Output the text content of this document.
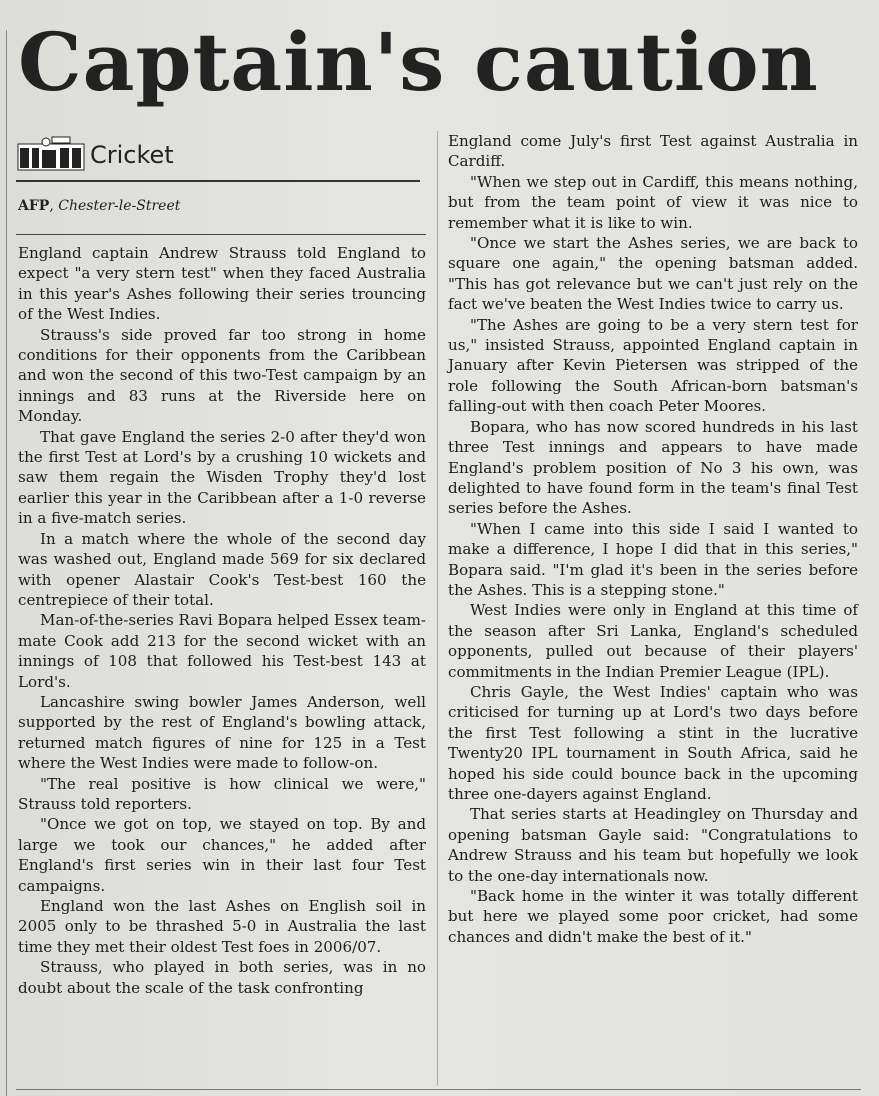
Captain's caution
Cricket
AFP, Chester-le-Street

England captain Andrew Strauss told England to expect "a very stern test" when they faced Australia in this year's Ashes following their series trouncing of the West Indies.

Strauss's side proved far too strong in home conditions for their opponents from the Caribbean and won the second of this two-Test campaign by an innings and 83 runs at the Riverside here on Monday.

That gave England the series 2-0 after they'd won the first Test at Lord's by a crushing 10 wickets and saw them regain the Wisden Trophy they'd lost earlier this year in the Caribbean after a 1-0 reverse in a five-match series.

In a match where the whole of the second day was washed out, England made 569 for six declared with opener Alastair Cook's Test-best 160 the centrepiece of their total.

Man-of-the-series Ravi Bopara helped Essex team-mate Cook add 213 for the second wicket with an innings of 108 that followed his Test-best 143 at Lord's.

Lancashire swing bowler James Anderson, well supported by the rest of England's bowling attack, returned match figures of nine for 125 in a Test where the West Indies were made to follow-on.

"The real positive is how clinical we were," Strauss told reporters.

"Once we got on top, we stayed on top. By and large we took our chances," he added after England's first series win in their last four Test campaigns.

England won the last Ashes on English soil in 2005 only to be thrashed 5-0 in Australia the last time they met their oldest Test foes in 2006/07.

Strauss, who played in both series, was in no doubt about the scale of the task confronting

England come July's first Test against Australia in Cardiff.

"When we step out in Cardiff, this means nothing, but from the team point of view it was nice to remember what it is like to win.

"Once we start the Ashes series, we are back to square one again," the opening batsman added. "This has got relevance but we can't just rely on the fact we've beaten the West Indies twice to carry us.

"The Ashes are going to be a very stern test for us," insisted Strauss, appointed England captain in January after Kevin Pietersen was stripped of the role following the South African-born batsman's falling-out with then coach Peter Moores.

Bopara, who has now scored hundreds in his last three Test innings and appears to have made England's problem position of No 3 his own, was delighted to have found form in the team's final Test series before the Ashes.

"When I came into this side I said I wanted to make a difference, I hope I did that in this series," Bopara said. "I'm glad it's been in the series before the Ashes. This is a stepping stone."

West Indies were only in England at this time of the season after Sri Lanka, England's scheduled opponents, pulled out because of their players' commitments in the Indian Premier League (IPL).

Chris Gayle, the West Indies' captain who was criticised for turning up at Lord's two days before the first Test following a stint in the lucrative Twenty20 IPL tournament in South Africa, said he hoped his side could bounce back in the upcoming three one-dayers against England.

That series starts at Headingley on Thursday and opening batsman Gayle said: "Congratulations to Andrew Strauss and his team but hopefully we look to the one-day internationals now.

"Back home in the winter it was totally different but here we played some poor cricket, had some chances and didn't make the best of it."
